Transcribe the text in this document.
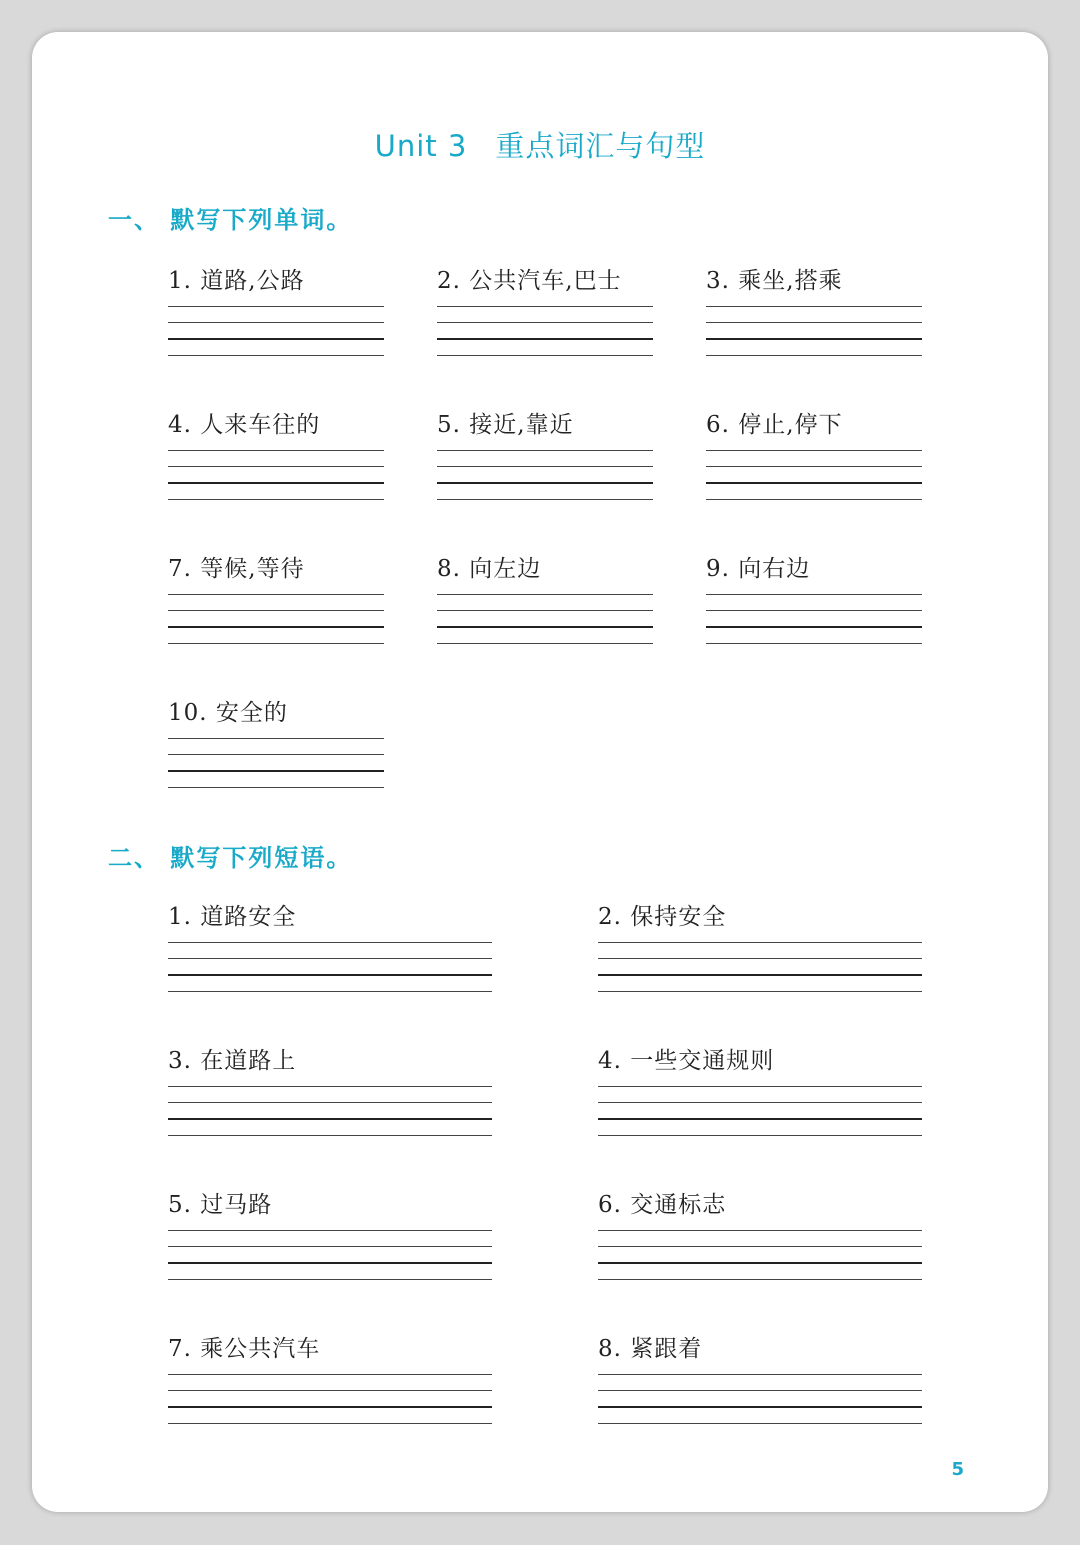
Unit 3 重点词汇与句型
一、 默写下列单词。
1. 道路,公路	2. 公共汽车,巴士	3. 乘坐,搭乘
4. 人来车往的	5. 接近,靠近	6. 停止,停下
7. 等候,等待	8. 向左边	9. 向右边
10. 安全的
二、 默写下列短语。
1. 道路安全	2. 保持安全
3. 在道路上	4. 一些交通规则
5. 过马路	6. 交通标志
7. 乘公共汽车	8. 紧跟着
5
